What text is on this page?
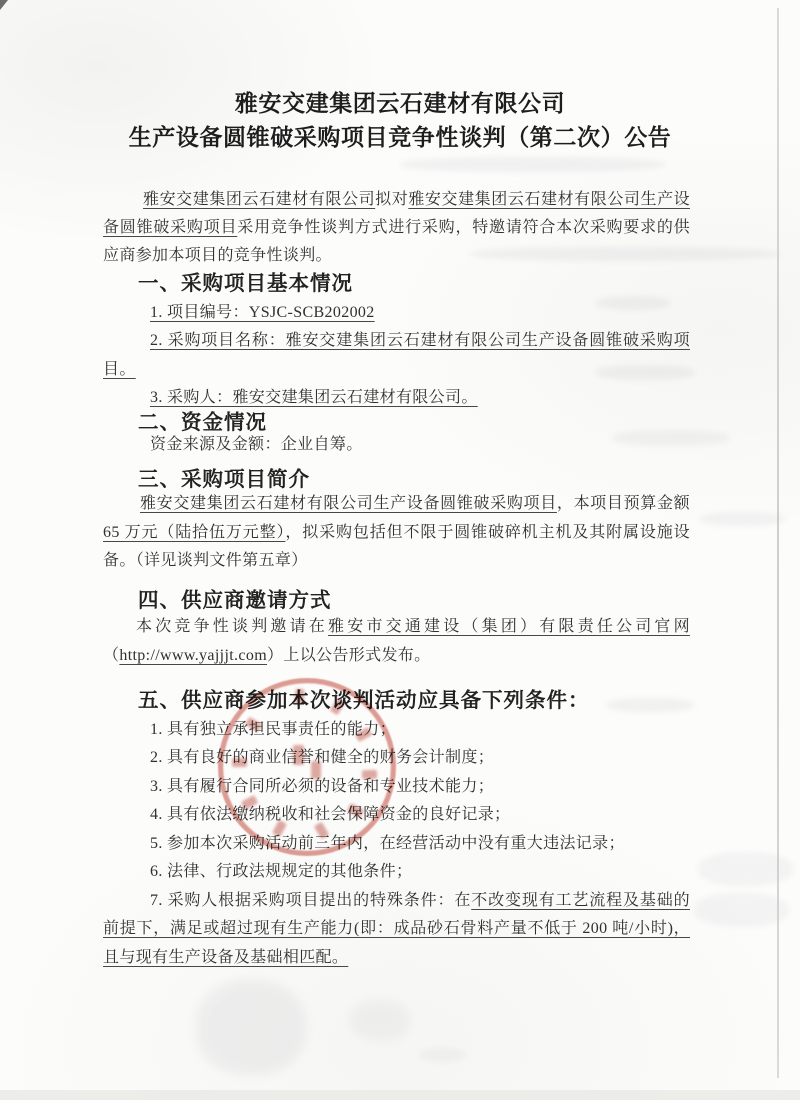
雅安交建集团云石建材有限公司
生产设备圆锥破采购项目竞争性谈判（第二次）公告

雅安交建集团云石建材有限公司拟对雅安交建集团云石建材有限公司生产设备圆锥破采购项目采用竞争性谈判方式进行采购，特邀请符合本次采购要求的供应商参加本项目的竞争性谈判。

一、采购项目基本情况

1. 项目编号：YSJC-SCB202002

2. 采购项目名称：雅安交建集团云石建材有限公司生产设备圆锥破采购项目。

3. 采购人：雅安交建集团云石建材有限公司。

二、资金情况

资金来源及金额：企业自筹。

三、采购项目简介

雅安交建集团云石建材有限公司生产设备圆锥破采购项目，本项目预算金额65 万元（陆拾伍万元整），拟采购包括但不限于圆锥破碎机主机及其附属设施设备。（详见谈判文件第五章）

四、供应商邀请方式

本次竞争性谈判邀请在雅安市交通建设（集团）有限责任公司官网（http://www.yajjjt.com）上以公告形式发布。

五、供应商参加本次谈判活动应具备下列条件：

1. 具有独立承担民事责任的能力；

2. 具有良好的商业信誉和健全的财务会计制度；

3. 具有履行合同所必须的设备和专业技术能力；

4. 具有依法缴纳税收和社会保障资金的良好记录；

5. 参加本次采购活动前三年内，在经营活动中没有重大违法记录；

6. 法律、行政法规规定的其他条件；

7. 采购人根据采购项目提出的特殊条件：在不改变现有工艺流程及基础的前提下，满足或超过现有生产能力(即：成品砂石骨料产量不低于 200 吨/小时)，且与现有生产设备及基础相匹配。
